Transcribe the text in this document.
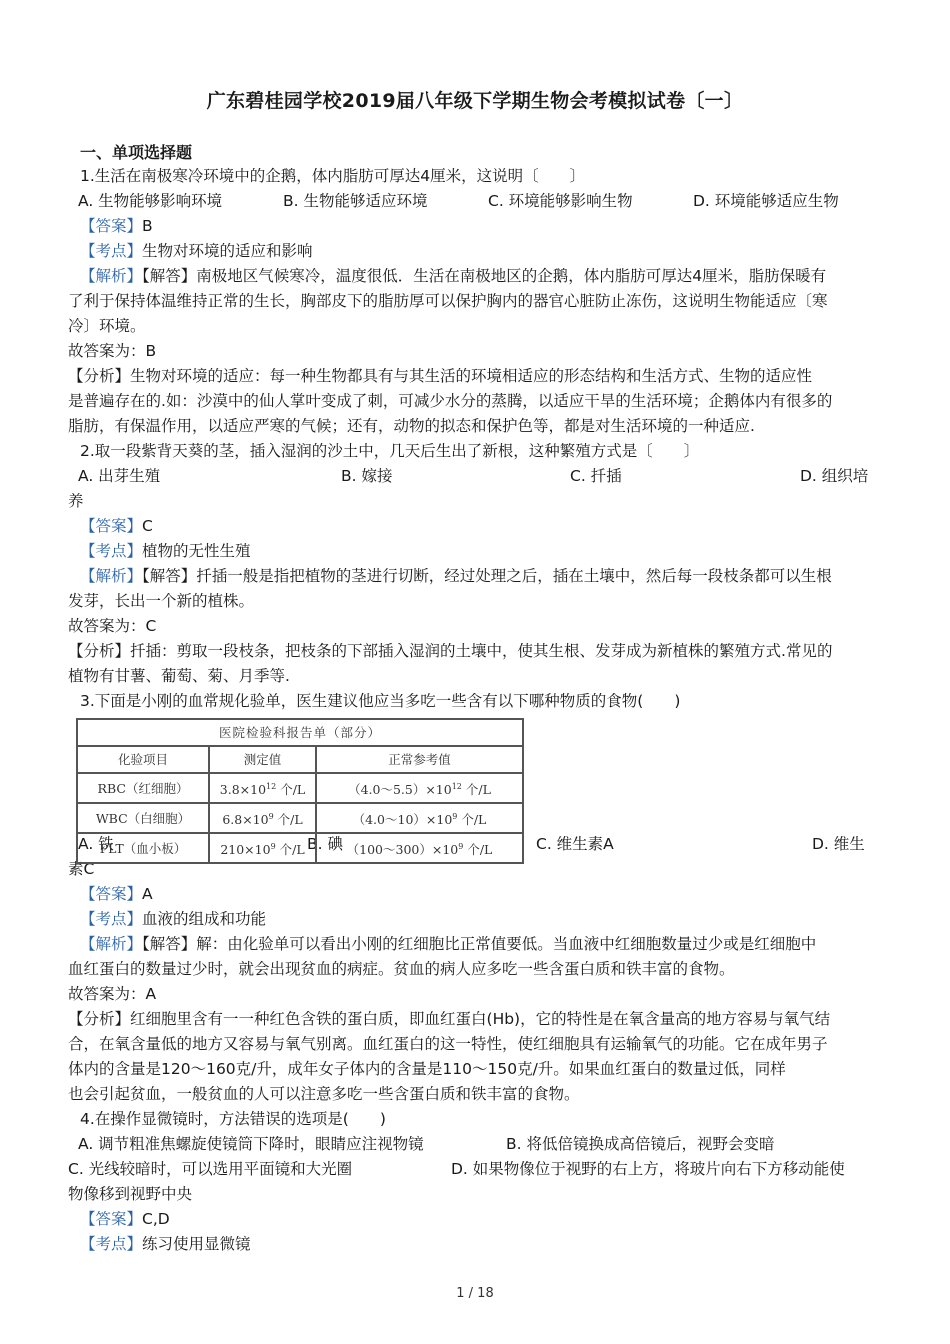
广东碧桂园学校2019届八年级下学期生物会考模拟试卷〔一〕
一、单项选择题
1.生活在南极寒冷环境中的企鹅，体内脂肪可厚达4厘米，这说明〔　　〕
A. 生物能够影响环境	B. 生物能够适应环境	C. 环境能够影响生物	D. 环境能够适应生物
【答案】B
【考点】生物对环境的适应和影响
【解析】【解答】南极地区气候寒冷，温度很低．生活在南极地区的企鹅，体内脂肪可厚达4厘米，脂肪保暖有
了利于保持体温维持正常的生长，胸部皮下的脂肪厚可以保护胸内的器官心脏防止冻伤，这说明生物能适应〔寒
冷〕环境。
故答案为：B
【分析】生物对环境的适应：每一种生物都具有与其生活的环境相适应的形态结构和生活方式、生物的适应性
是普遍存在的.如：沙漠中的仙人掌叶变成了刺，可减少水分的蒸腾，以适应干旱的生活环境；企鹅体内有很多的
脂肪，有保温作用，以适应严寒的气候；还有，动物的拟态和保护色等，都是对生活环境的一种适应.
2.取一段紫背天葵的茎，插入湿润的沙土中，几天后生出了新根，这种繁殖方式是〔　　〕
A. 出芽生殖	B. 嫁接	C. 扦插	D. 组织培
养
【答案】C
【考点】植物的无性生殖
【解析】【解答】扦插一般是指把植物的茎进行切断，经过处理之后，插在土壤中，然后每一段枝条都可以生根
发芽，长出一个新的植株。
故答案为：C
【分析】扦插：剪取一段枝条，把枝条的下部插入湿润的土壤中，使其生根、发芽成为新植株的繁殖方式.常见的
植物有甘薯、葡萄、菊、月季等.
3.下面是小刚的血常规化验单，医生建议他应当多吃一些含有以下哪种物质的食物(　　)
医院检验科报告单（部分）		
化验项目	测定值	正常参考值
RBC（红细胞）	$3.8\times 10^{12}$ 个/L	$(4.0\sim 5.5)\times 10^{12}$ 个/L
WBC（白细胞）	$6.8\times 10^9$ 个/L	$(4.0\sim 10)\times 10^9$ 个/L
PLT（血小板）	$210\times 10^9$ 个/L	$(100\sim 300)\times 10^9$ 个/L
A. 铁	B. 碘	C. 维生素A	D. 维生
素C
【答案】A
【考点】血液的组成和功能
【解析】【解答】解：由化验单可以看出小刚的红细胞比正常值要低。当血液中红细胞数量过少或是红细胞中
血红蛋白的数量过少时，就会出现贫血的病症。贫血的病人应多吃一些含蛋白质和铁丰富的食物。
故答案为：A
【分析】红细胞里含有一一种红色含铁的蛋白质，即血红蛋白(Hb)，它的特性是在氧含量高的地方容易与氧气结
合，在氧含量低的地方又容易与氧气别离。血红蛋白的这一特性，使红细胞具有运输氧气的功能。它在成年男子
体内的含量是120～160克/升，成年女子体内的含量是110～150克/升。如果血红蛋白的数量过低，同样
也会引起贫血，一般贫血的人可以注意多吃一些含蛋白质和铁丰富的食物。
4.在操作显微镜时，方法错误的选项是(　　)
A. 调节粗准焦螺旋使镜筒下降时，眼睛应注视物镜	B. 将低倍镜换成高倍镜后，视野会变暗
C. 光线较暗时，可以选用平面镜和大光圈	D. 如果物像位于视野的右上方，将玻片向右下方移动能使
物像移到视野中央
【答案】C,D
【考点】练习使用显微镜
1 / 18
